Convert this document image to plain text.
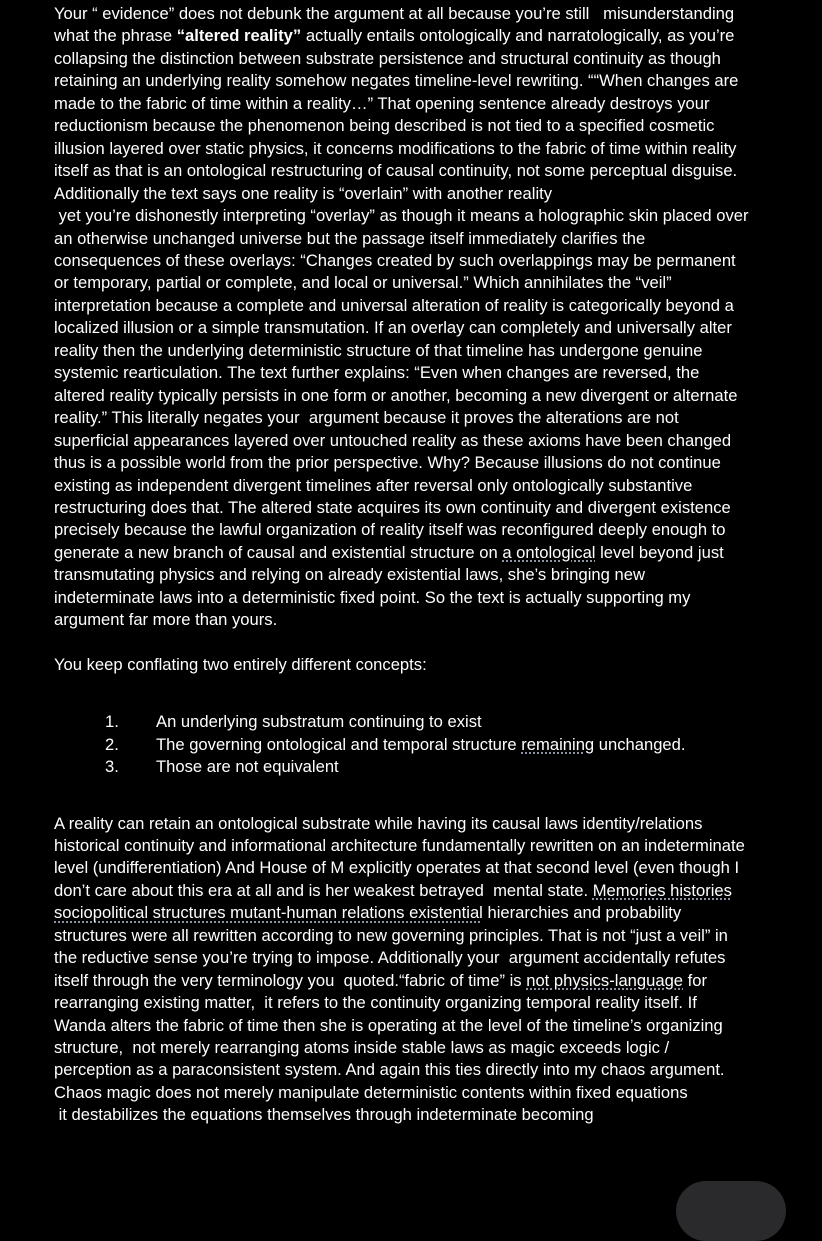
Your “ evidence” does not debunk the argument at all because you’re still   misunderstanding
what the phrase “altered reality” actually entails ontologically and narratologically, as you’re
collapsing the distinction between substrate persistence and structural continuity as though
retaining an underlying reality somehow negates timeline-level rewriting. ““When changes are
made to the fabric of time within a reality…” That opening sentence already destroys your
reductionism because the phenomenon being described is not tied to a specified cosmetic
illusion layered over static physics, it concerns modifications to the fabric of time within reality
itself as that is an ontological restructuring of causal continuity, not some perceptual disguise.
Additionally the text says one reality is “overlain” with another reality
yet you’re dishonestly interpreting “overlay” as though it means a holographic skin placed over
an otherwise unchanged universe but the passage itself immediately clarifies the
consequences of these overlays: “Changes created by such overlappings may be permanent
or temporary, partial or complete, and local or universal.” Which annihilates the “veil”
interpretation because a complete and universal alteration of reality is categorically beyond a
localized illusion or a simple transmutation. If an overlay can completely and universally alter
reality then the underlying deterministic structure of that timeline has undergone genuine
systemic rearticulation. The text further explains: “Even when changes are reversed, the
altered reality typically persists in one form or another, becoming a new divergent or alternate
reality.” This literally negates your  argument because it proves the alterations are not
superficial appearances layered over untouched reality as these axioms have been changed
thus is a possible world from the prior perspective. Why? Because illusions do not continue
existing as independent divergent timelines after reversal only ontologically substantive
restructuring does that. The altered state acquires its own continuity and divergent existence
precisely because the lawful organization of reality itself was reconfigured deeply enough to
generate a new branch of causal and existential structure on a ontological level beyond just
transmutating physics and relying on already existential laws, she’s bringing new
indeterminate laws into a deterministic fixed point. So the text is actually supporting my
argument far more than yours.
You keep conflating two entirely different concepts:
1. An underlying substratum continuing to exist
2. The governing ontological and temporal structure remaining unchanged.
3. Those are not equivalent
A reality can retain an ontological substrate while having its causal laws identity/relations
historical continuity and informational architecture fundamentally rewritten on an indeterminate
level (undifferentiation) And House of M explicitly operates at that second level (even though I
don’t care about this era at all and is her weakest betrayed  mental state. Memories histories
sociopolitical structures mutant-human relations existential hierarchies and probability
structures were all rewritten according to new governing principles. That is not “just a veil” in
the reductive sense you’re trying to impose. Additionally your  argument accidentally refutes
itself through the very terminology you  quoted.“fabric of time” is not physics-language for
rearranging existing matter,  it refers to the continuity organizing temporal reality itself. If
Wanda alters the fabric of time then she is operating at the level of the timeline’s organizing
structure,  not merely rearranging atoms inside stable laws as magic exceeds logic /
perception as a paraconsistent system. And again this ties directly into my chaos argument.
Chaos magic does not merely manipulate deterministic contents within fixed equations
it destabilizes the equations themselves through indeterminate becoming
